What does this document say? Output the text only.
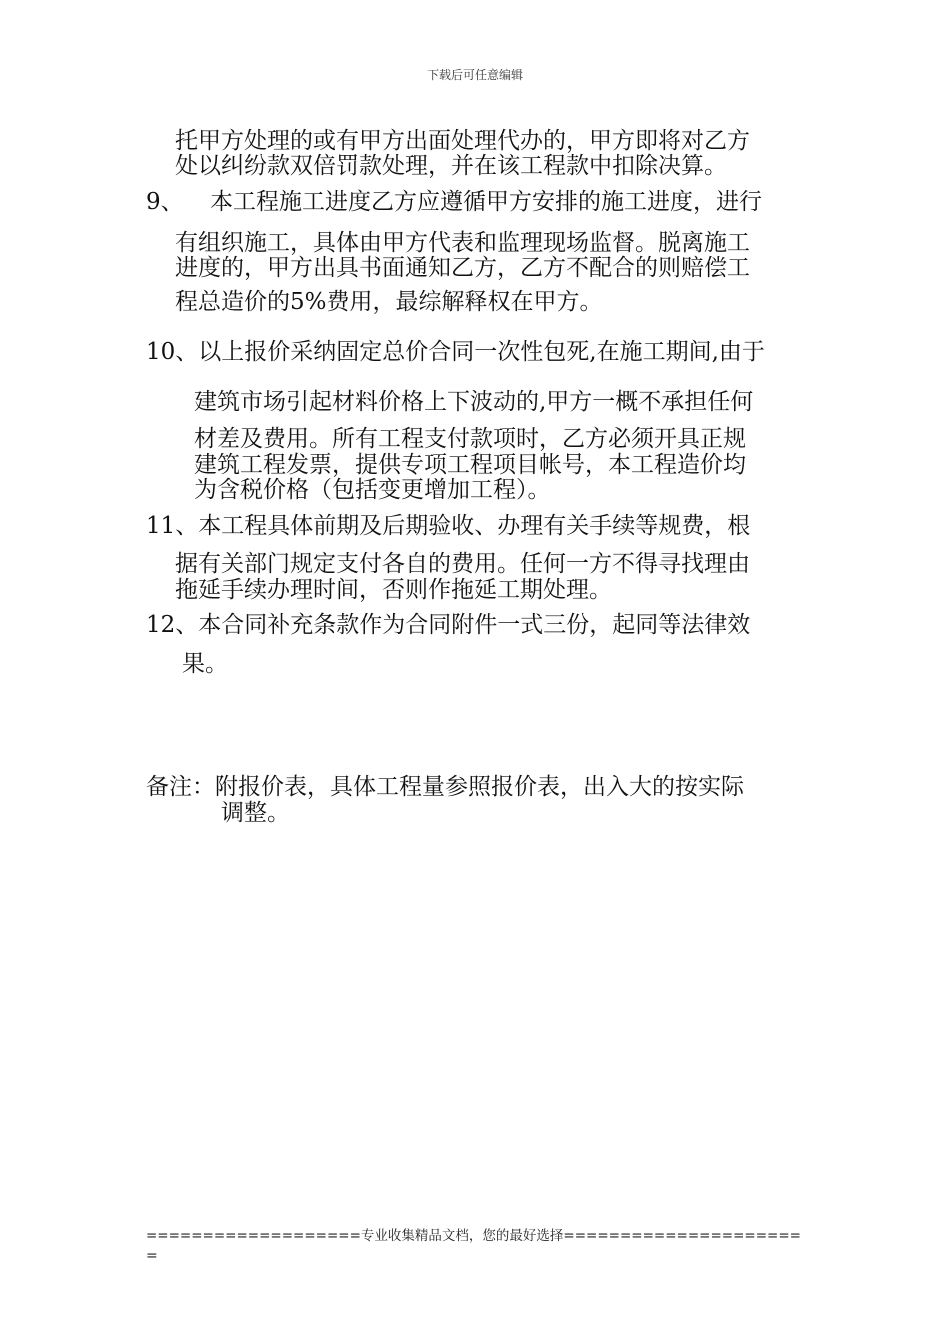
下载后可任意编辑
托甲方处理的或有甲方出面处理代办的，甲方即将对乙方
处以纠纷款双倍罚款处理，并在该工程款中扣除决算。
9、 本工程施工进度乙方应遵循甲方安排的施工进度，进行
有组织施工，具体由甲方代表和监理现场监督。脱离施工
进度的，甲方出具书面通知乙方，乙方不配合的则赔偿工
程总造价的5%费用，最综解释权在甲方。
10、以上报价采纳固定总价合同一次性包死,在施工期间,由于
建筑市场引起材料价格上下波动的,甲方一概不承担任何
材差及费用。所有工程支付款项时，乙方必须开具正规
建筑工程发票，提供专项工程项目帐号，本工程造价均
为含税价格（包括变更增加工程）。
11、本工程具体前期及后期验收、办理有关手续等规费，根
据有关部门规定支付各自的费用。任何一方不得寻找理由
拖延手续办理时间，否则作拖延工期处理。
12、本合同补充条款作为合同附件一式三份，起同等法律效
果。
备注：附报价表，具体工程量参照报价表，出入大的按实际
调整。
===================专业收集精品文档，您的最好选择=====================
=
